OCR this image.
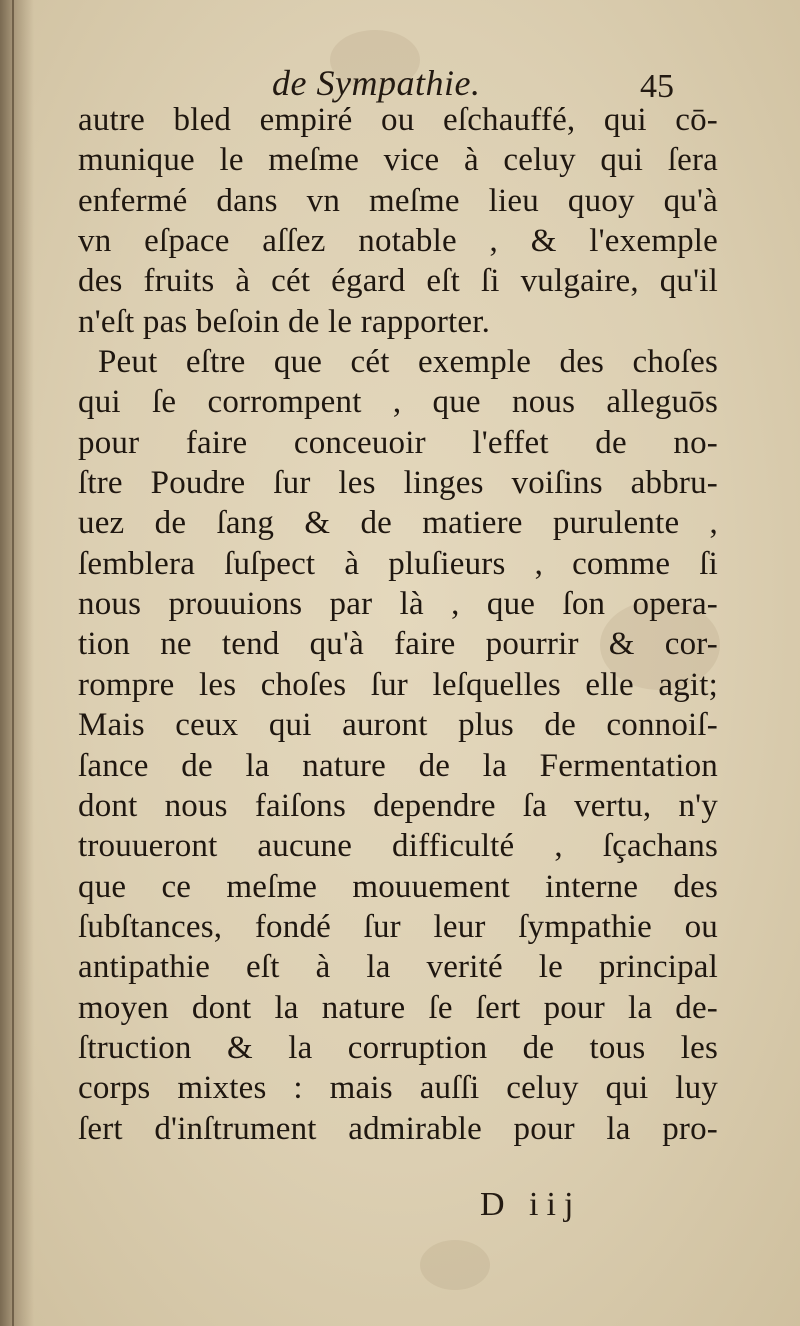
de Sympathie.	45
autre bled empiré ou eſchauffé, qui cō-
munique le meſme vice à celuy qui ſera
enfermé dans vn meſme lieu quoy qu'à
vn eſpace aſſez notable , & l'exemple
des fruits à cét égard eſt ſi vulgaire, qu'il
n'eſt pas beſoin de le rapporter.
Peut eſtre que cét exemple des choſes
qui ſe corrompent , que nous alleguōs
pour faire conceuoir l'effet de no-
ſtre Poudre ſur les linges voiſins abbru-
uez de ſang & de matiere purulente ,
ſemblera ſuſpect à pluſieurs , comme ſi
nous prouuions par là , que ſon opera-
tion ne tend qu'à faire pourrir & cor-
rompre les choſes ſur leſquelles elle agit;
Mais ceux qui auront plus de connoiſ-
ſance de la nature de la Fermentation
dont nous faiſons dependre ſa vertu, n'y
trouueront aucune difficulté , ſçachans
que ce meſme mouuement interne des
ſubſtances, fondé ſur leur ſympathie ou
antipathie eſt à la verité le principal
moyen dont la nature ſe ſert pour la de-
ſtruction & la corruption de tous les
corps mixtes : mais auſſi celuy qui luy
ſert d'inſtrument admirable pour la pro-
D iij
